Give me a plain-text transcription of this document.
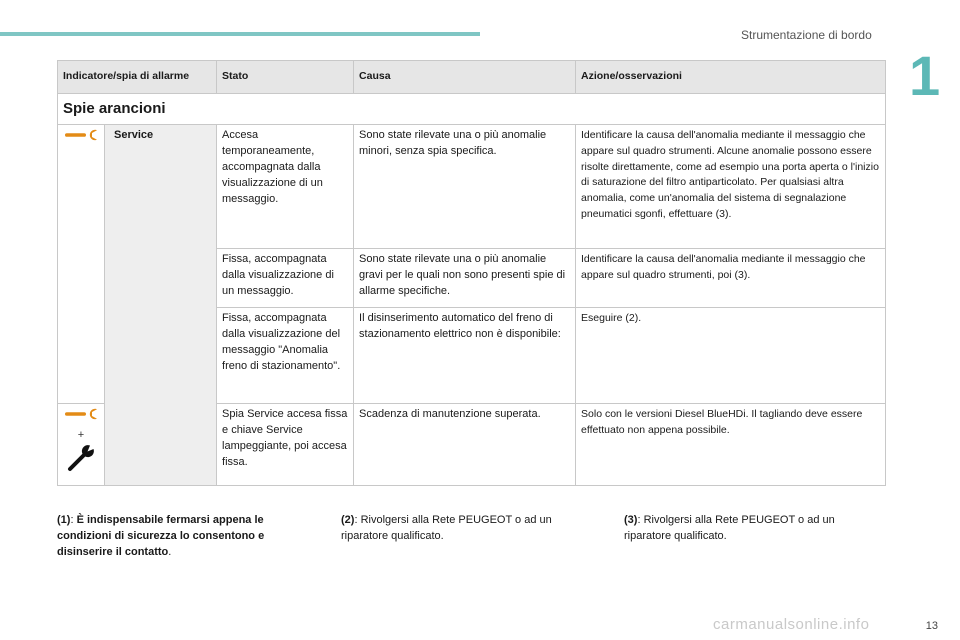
Strumentazione di bordo
1
Indicatore/spia di allarme		Stato	Causa	Azione/osservazioni
Spie arancioni				
	Service	Accesa temporaneamente, accompagnata dalla visualizzazione di un messaggio.	Sono state rilevate una o più anomalie minori, senza spia specifica.	Identificare la causa dell'anomalia mediante il messaggio che appare sul quadro strumenti. Alcune anomalie possono essere risolte direttamente, come ad esempio una porta aperta o l'inizio di saturazione del filtro antiparticolato. Per qualsiasi altra anomalia, come un'anomalia del sistema di segnalazione pneumatici sgonfi, effettuare (3).
		Fissa, accompagnata dalla visualizzazione di un messaggio.	Sono state rilevate una o più anomalie gravi per le quali non sono presenti spie di allarme specifiche.	Identificare la causa dell'anomalia mediante il messaggio che appare sul quadro strumenti, poi (3).
		Fissa, accompagnata dalla visualizzazione del messaggio "Anomalia freno di stazionamento".	Il disinserimento automatico del freno di stazionamento elettrico non è disponibile:	Eseguire (2).

+		Spia Service accesa fissa e chiave Service lampeggiante, poi accesa fissa.	Scadenza di manutenzione superata.	Solo con le versioni Diesel BlueHDi. Il tagliando deve essere effettuato non appena possibile.
(1): È indispensabile fermarsi appena le condizioni di sicurezza lo consentono e disinserire il contatto.
(2): Rivolgersi alla Rete PEUGEOT o ad un riparatore qualificato.
(3): Rivolgersi alla Rete PEUGEOT o ad un riparatore qualificato.
carmanualsonline.info	13
